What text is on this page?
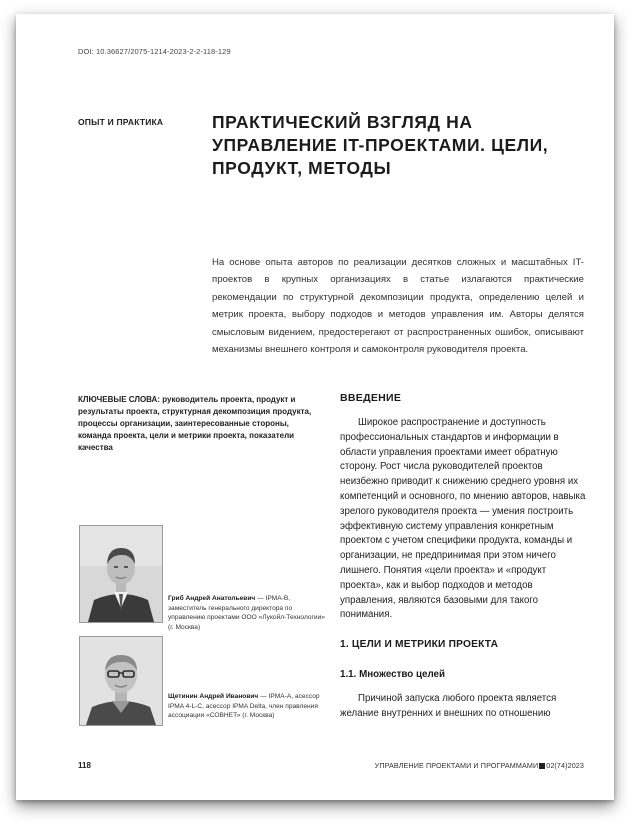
DOI: 10.36627/2075-1214-2023-2-2-118-129
ОПЫТ И ПРАКТИКА	ПРАКТИЧЕСКИЙ ВЗГЛЯД НА УПРАВЛЕНИЕ IT-ПРОЕКТАМИ. ЦЕЛИ, ПРОДУКТ, МЕТОДЫ

На основе опыта авторов по реализации десятков сложных и масштабных IT-проектов в крупных организациях в статье излагаются практические рекомендации по структурной декомпозиции продукта, определению целей и метрик проекта, выбору подходов и методов управления им. Авторы делятся смысловым видением, предостерегают от распространенных ошибок, описывают механизмы внешнего контроля и самоконтроля руководителя проекта.

КЛЮЧЕВЫЕ СЛОВА: руководитель проекта, продукт и результаты проекта, структурная декомпозиция продукта, процессы организации, заинтересованные стороны, команда проекта, цели и метрики проекта, показатели качества
Гриб Андрей Анатольевич — IPMA-B, заместитель генерального директора по управлению проектами ООО «Лукойл-Технологии» (г. Москва)
Щетинин Андрей Иванович — IPMA-A, асессор IPMA 4-L-C, асессор IPMA Delta, член правления ассоциации «СОВНЕТ» (г. Москва)
ВВЕДЕНИЕ

Широкое распространение и доступность профессиональных стандартов и информации в области управления проектами имеет обратную сторону. Рост числа руководителей проектов неизбежно приводит к снижению среднего уровня их компетенций и основного, по мнению авторов, навыка зрелого руководителя проекта — умения построить эффективную систему управления конкретным проектом с учетом специфики продукта, команды и организации, не предпринимая при этом ничего лишнего. Понятия «цели проекта» и «продукт проекта», как и выбор подходов и методов управления, являются базовыми для такого понимания.

1. ЦЕЛИ И МЕТРИКИ ПРОЕКТА
1.1. Множество целей

Причиной запуска любого проекта является желание внутренних и внешних по отношению

118	УПРАВЛЕНИЕ ПРОЕКТАМИ И ПРОГРАММАМИ 02(74)2023
